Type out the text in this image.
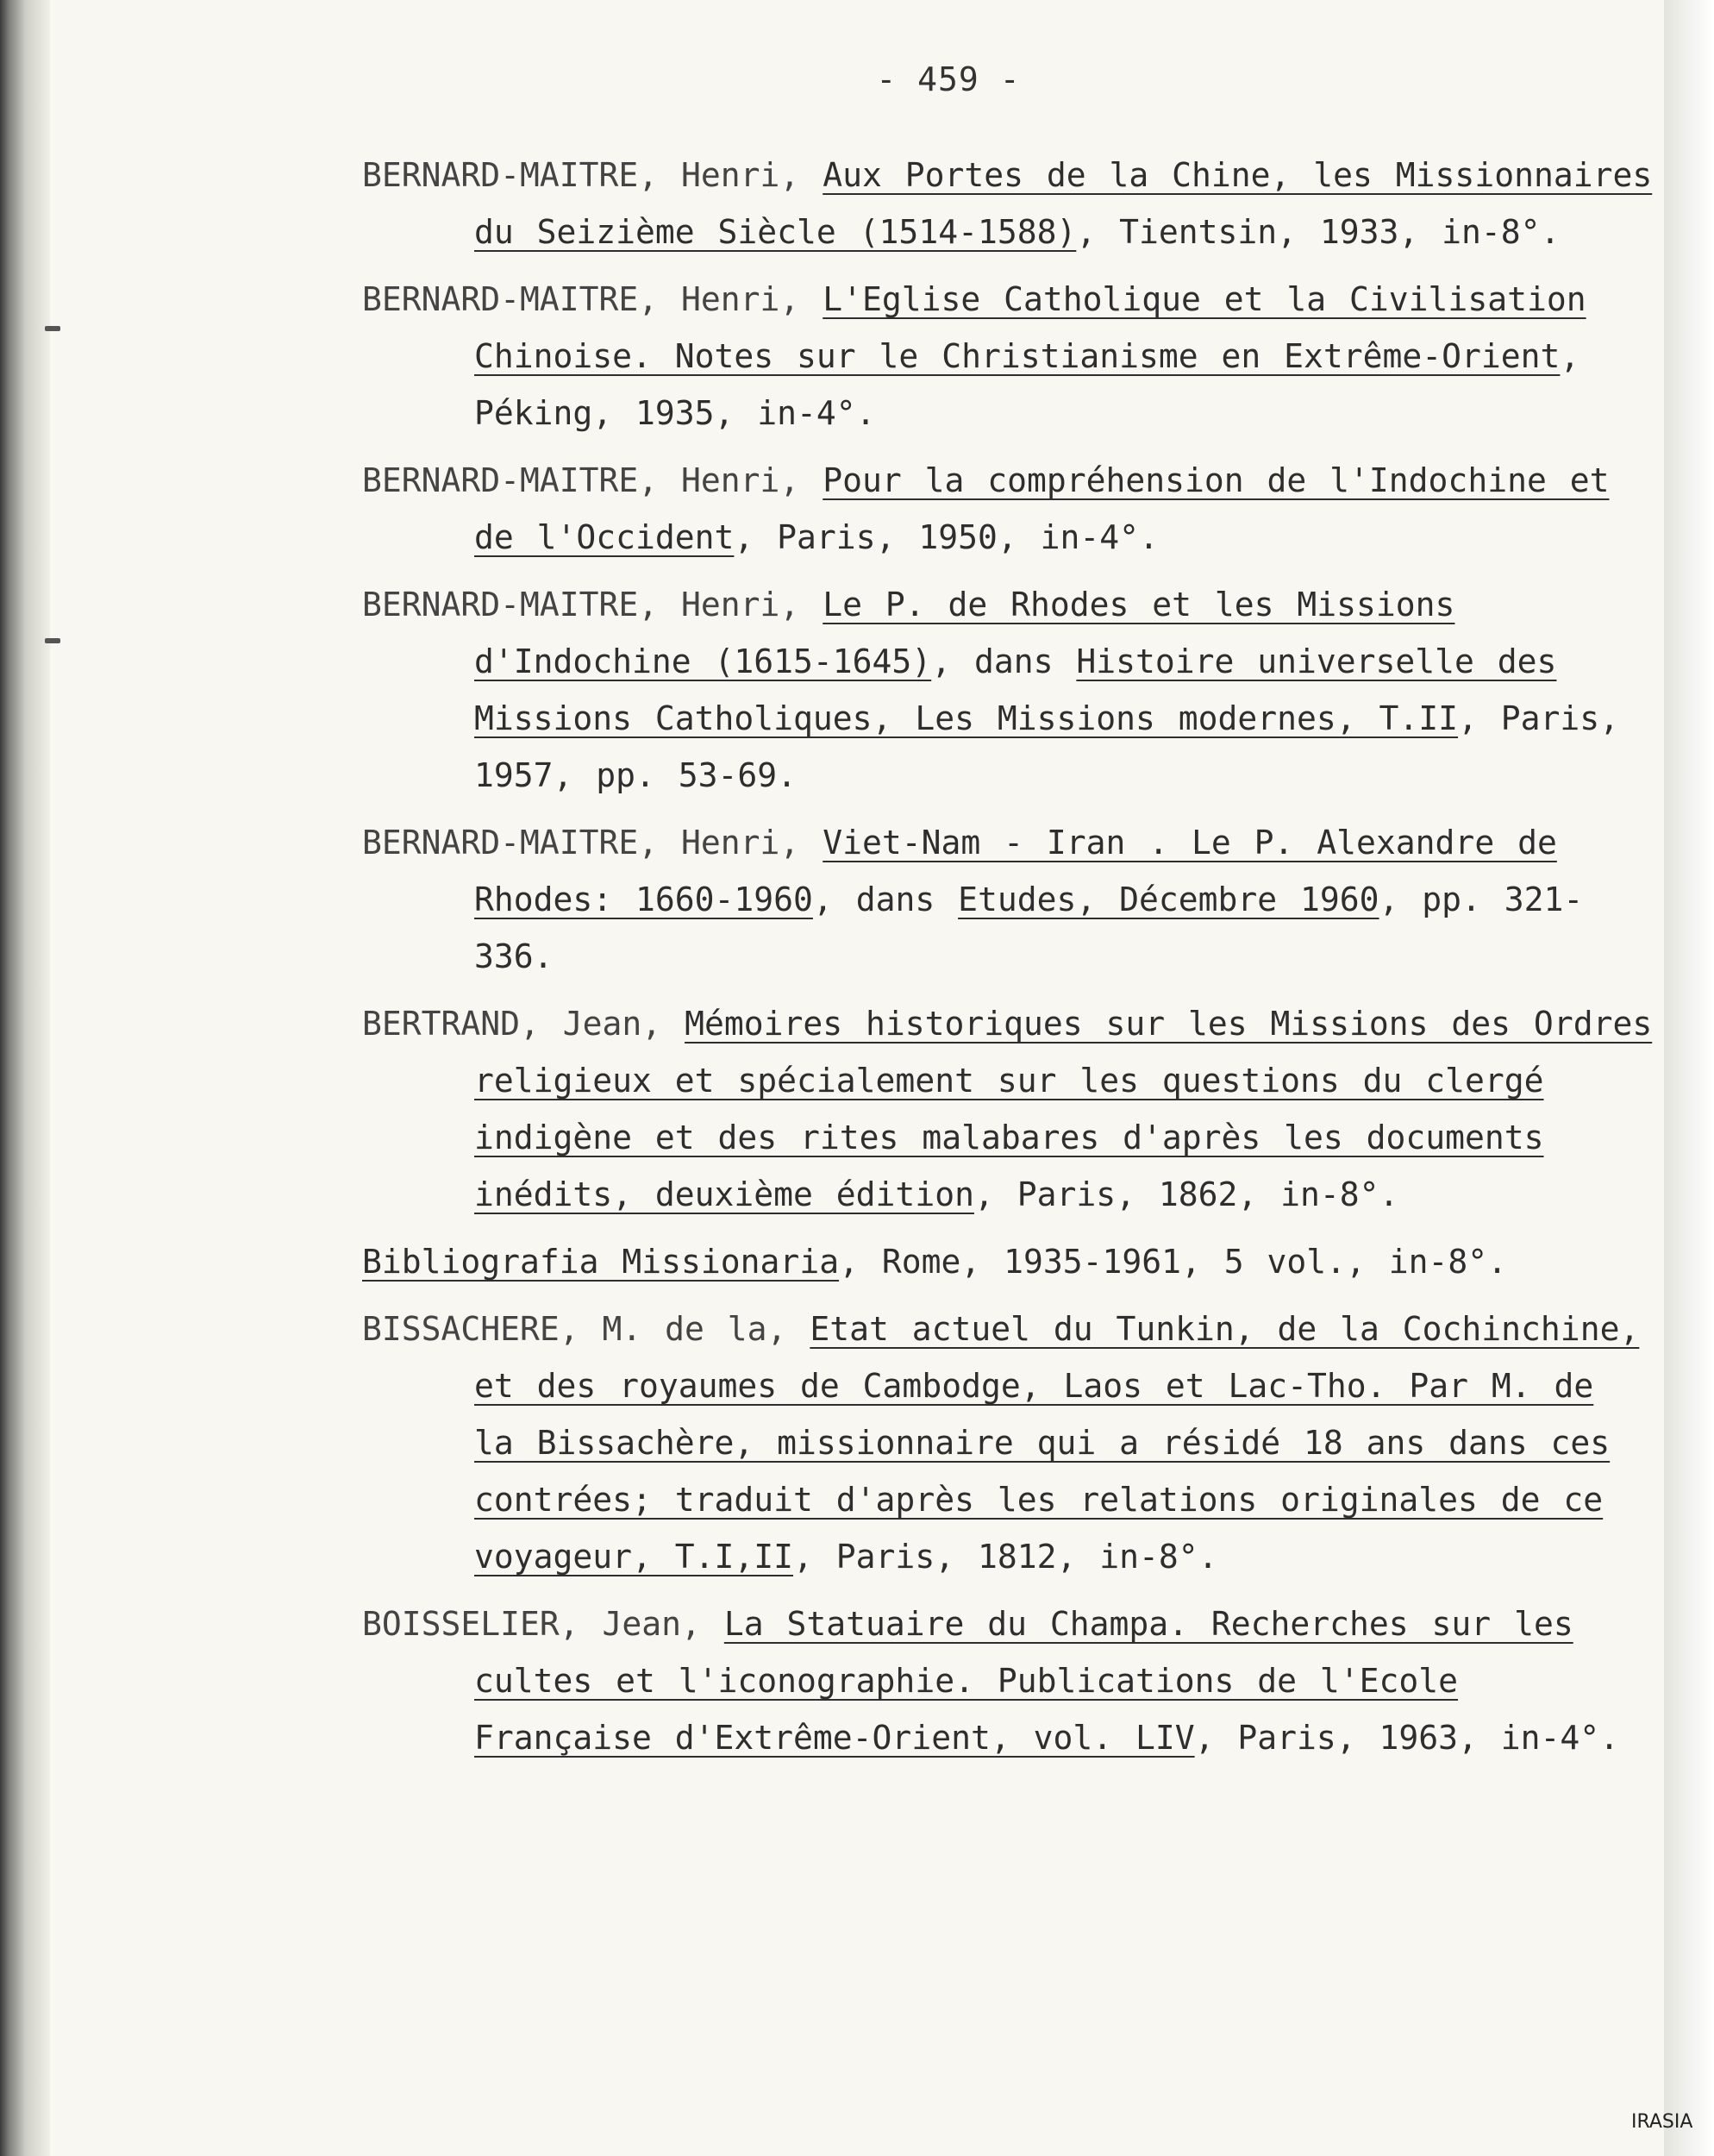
- 459 -
BERNARD-MAITRE, Henri, Aux Portes de la Chine, les Missionnaires du Seizième Siècle (1514-1588), Tientsin, 1933, in-8°.
BERNARD-MAITRE, Henri, L'Eglise Catholique et la Civilisation Chinoise. Notes sur le Christianisme en Extrême-Orient, Péking, 1935, in-4°.
BERNARD-MAITRE, Henri, Pour la compréhension de l'Indochine et de l'Occident, Paris, 1950, in-4°.
BERNARD-MAITRE, Henri, Le P. de Rhodes et les Missions d'Indochine (1615-1645), dans Histoire universelle des Missions Catholiques, Les Missions modernes, T.II, Paris, 1957, pp. 53-69.
BERNARD-MAITRE, Henri, Viet-Nam - Iran . Le P. Alexandre de Rhodes: 1660-1960, dans Etudes, Décembre 1960, pp. 321-336.
BERTRAND, Jean, Mémoires historiques sur les Missions des Ordres religieux et spécialement sur les questions du clergé indigène et des rites malabares d'après les documents inédits, deuxième édition, Paris, 1862, in-8°.
Bibliografia Missionaria, Rome, 1935-1961, 5 vol., in-8°.
BISSACHERE, M. de la, Etat actuel du Tunkin, de la Cochinchine, et des royaumes de Cambodge, Laos et Lac-Tho. Par M. de la Bissachère, missionnaire qui a résidé 18 ans dans ces contrées; traduit d'après les relations originales de ce voyageur, T.I,II, Paris, 1812, in-8°.
BOISSELIER, Jean, La Statuaire du Champa. Recherches sur les cultes et l'iconographie. Publications de l'Ecole Française d'Extrême-Orient, vol. LIV, Paris, 1963, in-4°.
IRASIA
